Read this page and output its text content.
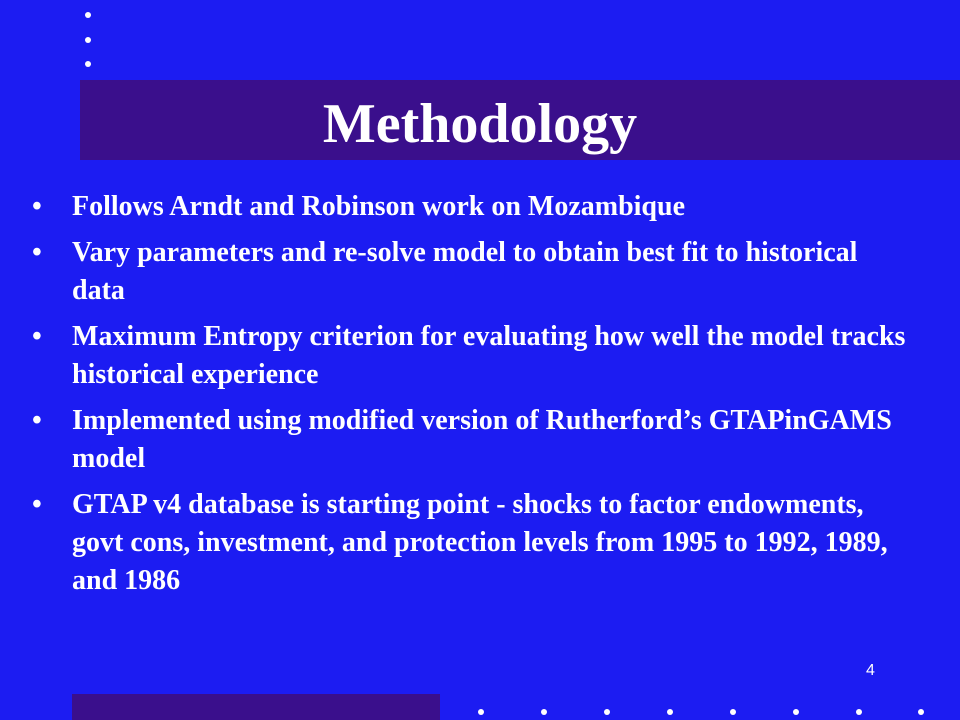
Methodology
• Follows Arndt and Robinson work on Mozambique
• Vary parameters and re-solve model to obtain best fit to historical data
• Maximum Entropy criterion for evaluating how well the model tracks historical experience
• Implemented using modified version of Rutherford’s GTAPinGAMS model
• GTAP v4 database is starting point - shocks to factor endowments, govt cons, investment, and protection levels from 1995 to 1992, 1989, and 1986
4
